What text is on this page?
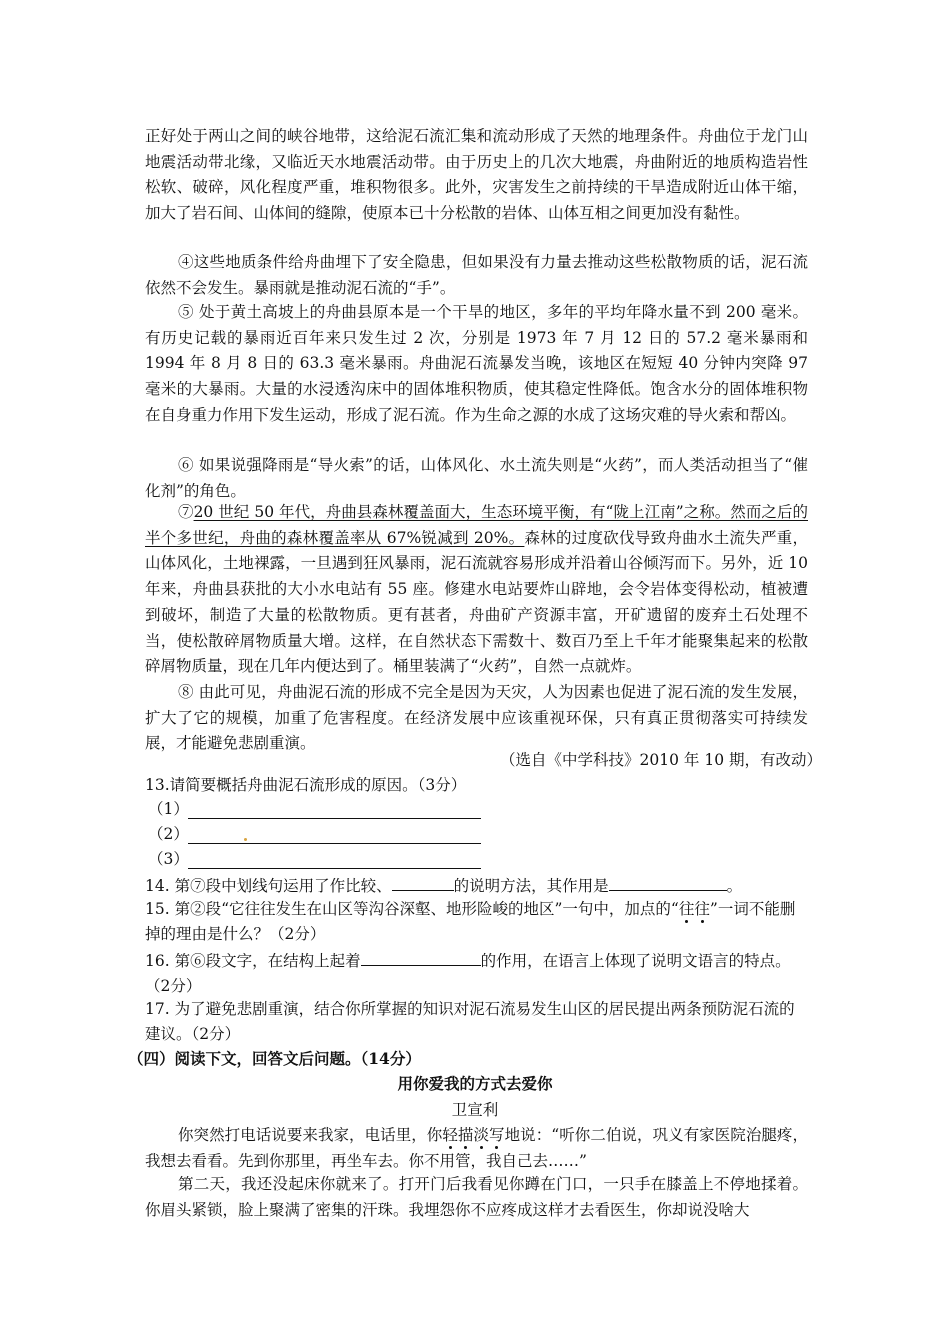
正好处于两山之间的峡谷地带，这给泥石流汇集和流动形成了天然的地理条件。舟曲位于龙门山地震活动带北缘，又临近天水地震活动带。由于历史上的几次大地震，舟曲附近的地质构造岩性松软、破碎，风化程度严重，堆积物很多。此外，灾害发生之前持续的干旱造成附近山体干缩，加大了岩石间、山体间的缝隙，使原本已十分松散的岩体、山体互相之间更加没有黏性。

④这些地质条件给舟曲埋下了安全隐患，但如果没有力量去推动这些松散物质的话，泥石流依然不会发生。暴雨就是推动泥石流的“手”。

⑤ 处于黄土高坡上的舟曲县原本是一个干旱的地区，多年的平均年降水量不到 200 毫米。有历史记载的暴雨近百年来只发生过 2 次，分别是 1973 年 7 月 12 日的 57.2 毫米暴雨和 1994 年 8 月 8 日的 63.3 毫米暴雨。舟曲泥石流暴发当晚，该地区在短短 40 分钟内突降 97 毫米的大暴雨。大量的水浸透沟床中的固体堆积物质，使其稳定性降低。饱含水分的固体堆积物在自身重力作用下发生运动，形成了泥石流。作为生命之源的水成了这场灾难的导火索和帮凶。

⑥ 如果说强降雨是“导火索”的话，山体风化、水土流失则是“火药”，而人类活动担当了“催化剂”的角色。

⑦20 世纪 50 年代，舟曲县森林覆盖面大，生态环境平衡，有“陇上江南”之称。然而之后的半个多世纪，舟曲的森林覆盖率从 67%锐减到 20%。森林的过度砍伐导致舟曲水土流失严重，山体风化，土地裸露，一旦遇到狂风暴雨，泥石流就容易形成并沿着山谷倾泻而下。另外，近 10 年来，舟曲县获批的大小水电站有 55 座。修建水电站要炸山辟地，会令岩体变得松动，植被遭到破坏，制造了大量的松散物质。更有甚者，舟曲矿产资源丰富，开矿遗留的废弃土石处理不当，使松散碎屑物质量大增。这样，在自然状态下需数十、数百乃至上千年才能聚集起来的松散碎屑物质量，现在几年内便达到了。桶里装满了“火药”，自然一点就炸。

⑧ 由此可见，舟曲泥石流的形成不完全是因为天灾，人为因素也促进了泥石流的发生发展，扩大了它的规模，加重了危害程度。在经济发展中应该重视环保，只有真正贯彻落实可持续发展，才能避免悲剧重演。

（选自《中学科技》2010 年 10 期，有改动）

13.请简要概括舟曲泥石流形成的原因。（3分）

（1）
（2）
（3）

14. 第⑦段中划线句运用了作比较、	的说明方法，其作用是	。

15. 第②段“它往往发生在山区等沟谷深壑、地形险峻的地区”一句中，加点的“往往”一词不能删掉的理由是什么？（2分）

16. 第⑥段文字，在结构上起着	的作用，在语言上体现了说明文语言的特点。（2分）

17. 为了避免悲剧重演，结合你所掌握的知识对泥石流易发生山区的居民提出两条预防泥石流的建议。（2分）

（四）阅读下文，回答文后问题。（14分）
用你爱我的方式去爱你
卫宣利

你突然打电话说要来我家，电话里，你轻描淡写地说：“听你二伯说，巩义有家医院治腿疼，我想去看看。先到你那里，再坐车去。你不用管，我自己去……”

第二天，我还没起床你就来了。打开门后我看见你蹲在门口，一只手在膝盖上不停地揉着。你眉头紧锁，脸上聚满了密集的汗珠。我埋怨你不应疼成这样才去看医生，你却说没啥大
